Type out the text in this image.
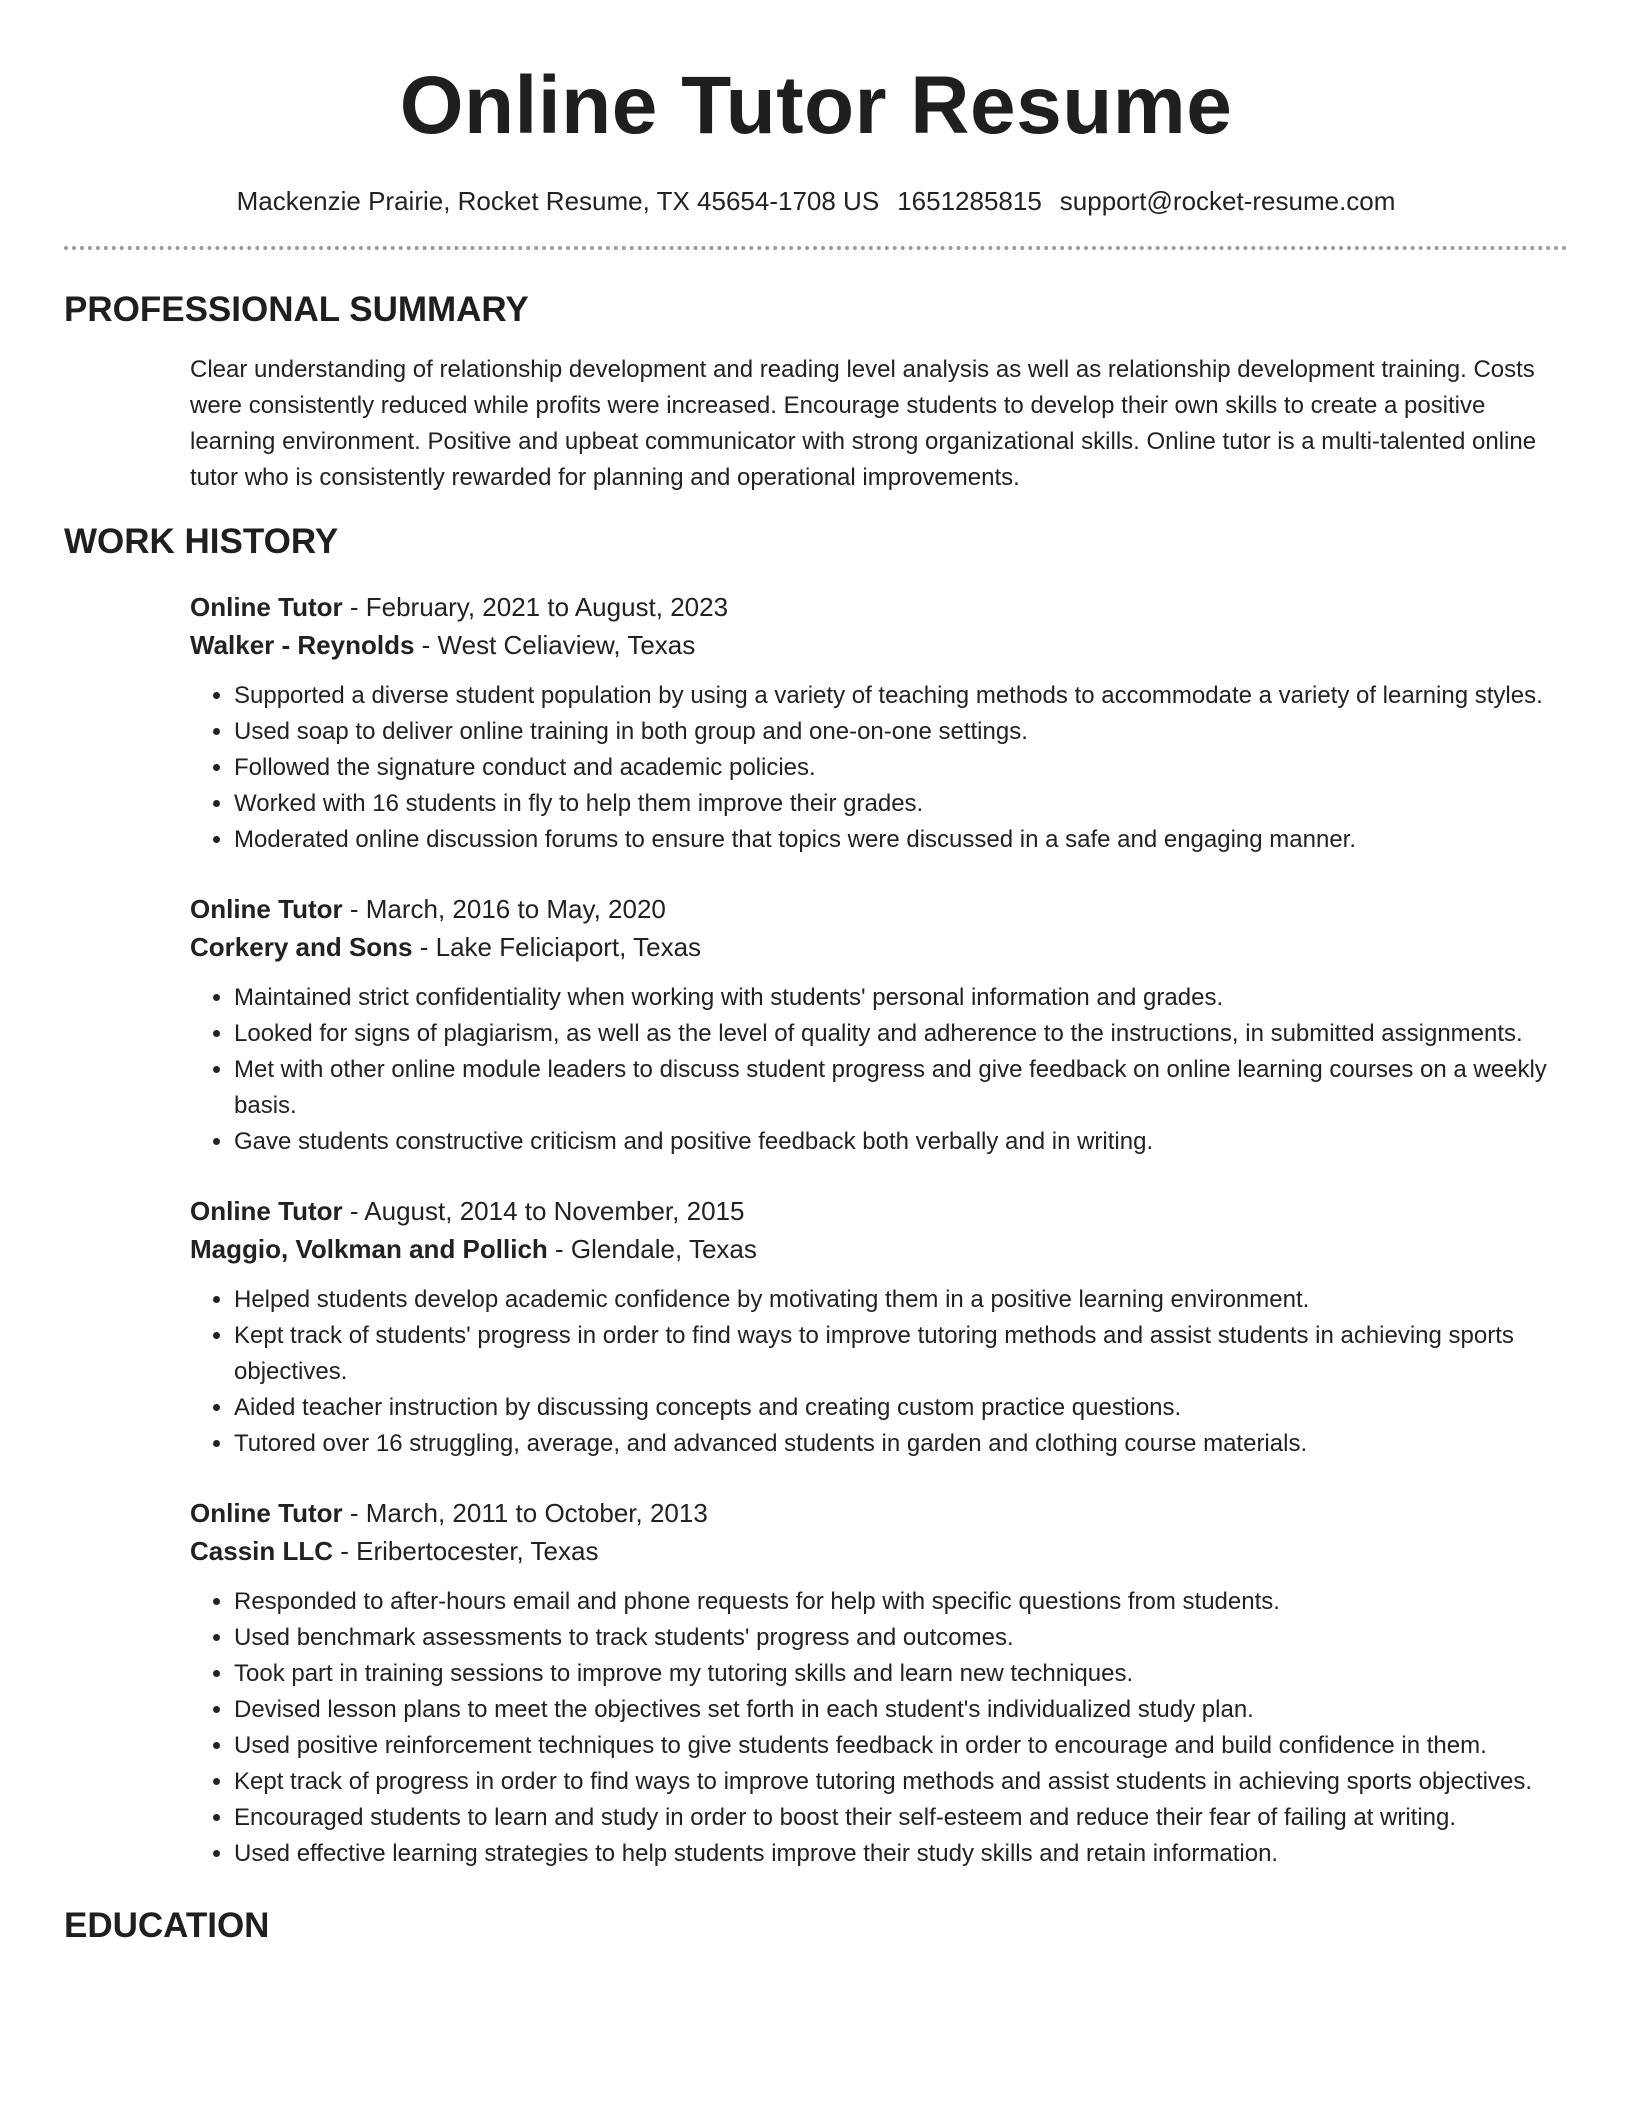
Online Tutor Resume
Mackenzie Prairie, Rocket Resume, TX 45654-1708 US 1651285815 support@rocket-resume.com
PROFESSIONAL SUMMARY

Clear understanding of relationship development and reading level analysis as well as relationship development training. Costs were consistently reduced while profits were increased. Encourage students to develop their own skills to create a positive learning environment. Positive and upbeat communicator with strong organizational skills. Online tutor is a multi-talented online tutor who is consistently rewarded for planning and operational improvements.

WORK HISTORY
Online Tutor - February, 2021 to August, 2023
Walker - Reynolds - West Celiaview, Texas
• Supported a diverse student population by using a variety of teaching methods to accommodate a variety of learning styles.
• Used soap to deliver online training in both group and one-on-one settings.
• Followed the signature conduct and academic policies.
• Worked with 16 students in fly to help them improve their grades.
• Moderated online discussion forums to ensure that topics were discussed in a safe and engaging manner.
Online Tutor - March, 2016 to May, 2020
Corkery and Sons - Lake Feliciaport, Texas
• Maintained strict confidentiality when working with students' personal information and grades.
• Looked for signs of plagiarism, as well as the level of quality and adherence to the instructions, in submitted assignments.
• Met with other online module leaders to discuss student progress and give feedback on online learning courses on a weekly basis.
• Gave students constructive criticism and positive feedback both verbally and in writing.
Online Tutor - August, 2014 to November, 2015
Maggio, Volkman and Pollich - Glendale, Texas
• Helped students develop academic confidence by motivating them in a positive learning environment.
• Kept track of students' progress in order to find ways to improve tutoring methods and assist students in achieving sports objectives.
• Aided teacher instruction by discussing concepts and creating custom practice questions.
• Tutored over 16 struggling, average, and advanced students in garden and clothing course materials.
Online Tutor - March, 2011 to October, 2013
Cassin LLC - Eribertocester, Texas
• Responded to after-hours email and phone requests for help with specific questions from students.
• Used benchmark assessments to track students' progress and outcomes.
• Took part in training sessions to improve my tutoring skills and learn new techniques.
• Devised lesson plans to meet the objectives set forth in each student's individualized study plan.
• Used positive reinforcement techniques to give students feedback in order to encourage and build confidence in them.
• Kept track of progress in order to find ways to improve tutoring methods and assist students in achieving sports objectives.
• Encouraged students to learn and study in order to boost their self-esteem and reduce their fear of failing at writing.
• Used effective learning strategies to help students improve their study skills and retain information.
EDUCATION
